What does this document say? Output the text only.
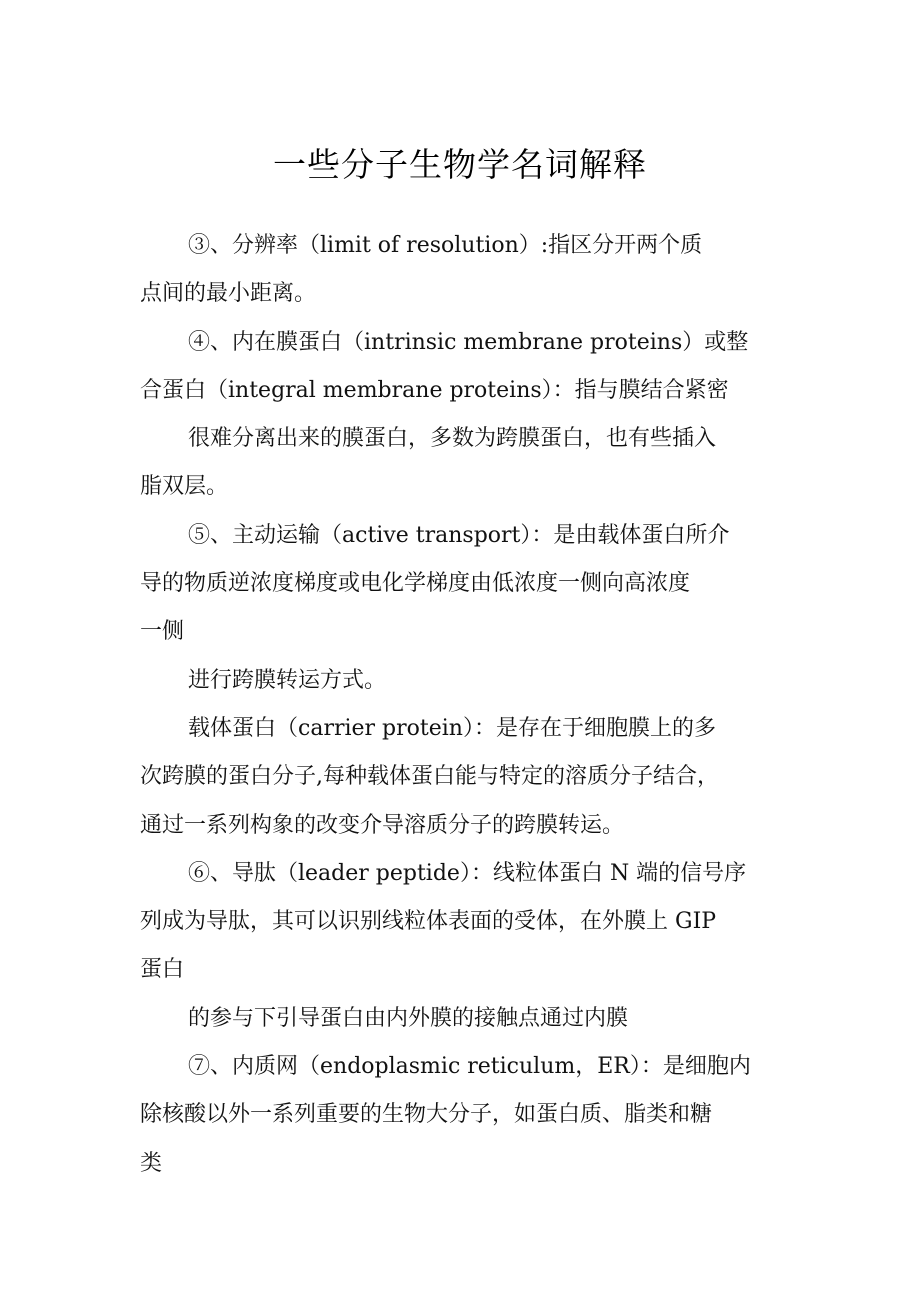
一些分子生物学名词解释
③、分辨率（limit of resolution）:指区分开两个质
点间的最小距离。
④、内在膜蛋白（intrinsic membrane proteins）或整
合蛋白（integral membrane proteins）：指与膜结合紧密
很难分离出来的膜蛋白，多数为跨膜蛋白，也有些插入
脂双层。
⑤、主动运输（active transport）：是由载体蛋白所介
导的物质逆浓度梯度或电化学梯度由低浓度一侧向高浓度
一侧
进行跨膜转运方式。
载体蛋白（carrier protein）：是存在于细胞膜上的多
次跨膜的蛋白分子,每种载体蛋白能与特定的溶质分子结合，
通过一系列构象的改变介导溶质分子的跨膜转运。
⑥、导肽（leader peptide）：线粒体蛋白 N 端的信号序
列成为导肽，其可以识别线粒体表面的受体，在外膜上 GIP
蛋白
的参与下引导蛋白由内外膜的接触点通过内膜
⑦、内质网（endoplasmic reticulum，ER）：是细胞内
除核酸以外一系列重要的生物大分子，如蛋白质、脂类和糖
类
